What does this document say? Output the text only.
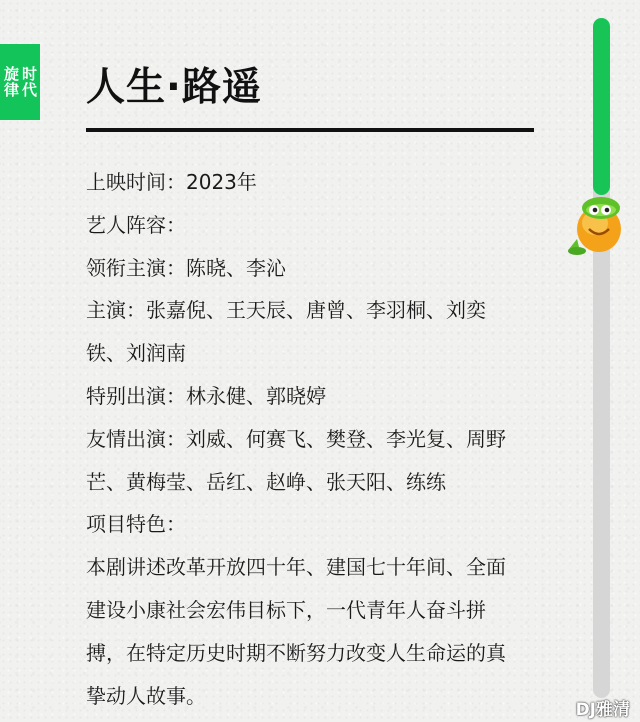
时代
旋律	人生·路遥
上映时间：2023年
艺人阵容：
领衔主演：陈晓、李沁
主演：张嘉倪、王天辰、唐曾、李羽桐、刘奕
铁、刘润南
特别出演：林永健、郭晓婷
友情出演：刘威、何赛飞、樊登、李光复、周野
芒、黄梅莹、岳红、赵峥、张天阳、练练
项目特色：
本剧讲述改革开放四十年、建国七十年间、全面
建设小康社会宏伟目标下，一代青年人奋斗拼
搏，在特定历史时期不断努力改变人生命运的真
挚动人故事。
DJ雅清
